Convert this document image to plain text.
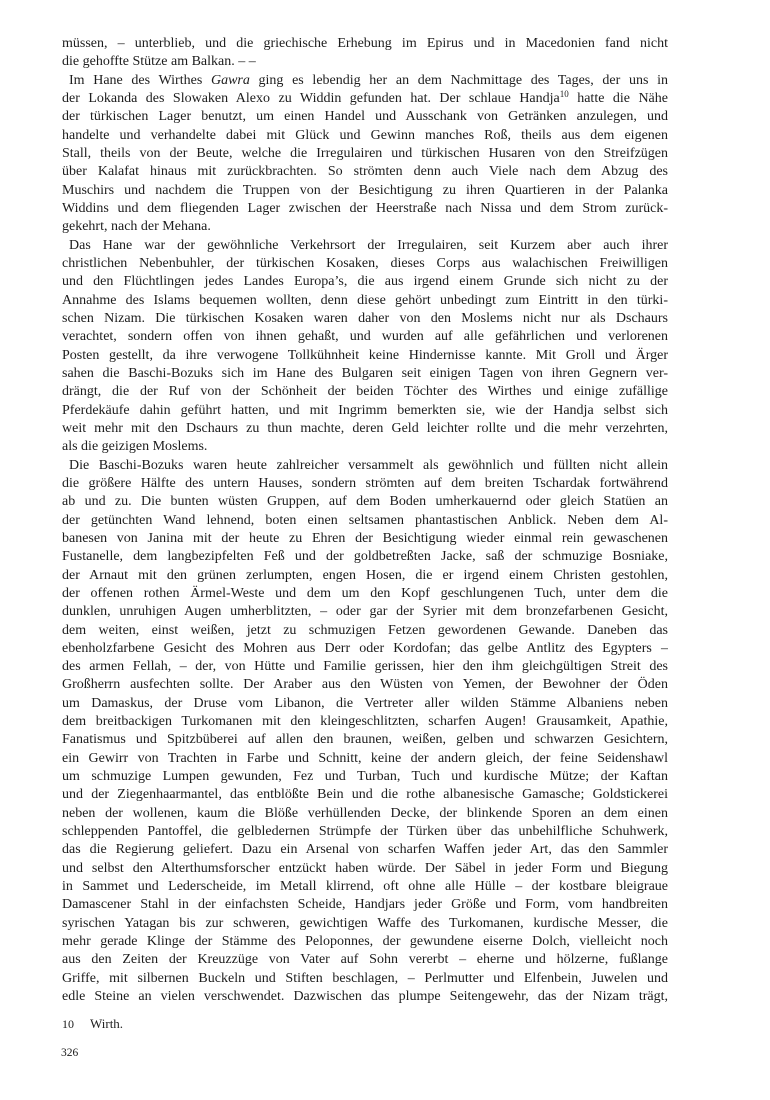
müssen, – unterblieb, und die griechische Erhebung im Epirus und in Macedonien fand nicht
die gehoffte Stütze am Balkan. – –
Im Hane des Wirthes Gawra ging es lebendig her an dem Nachmittage des Tages, der uns in
der Lokanda des Slowaken Alexo zu Widdin gefunden hat. Der schlaue Handja$^{10}$ hatte die Nähe
der türkischen Lager benutzt, um einen Handel und Ausschank von Getränken anzulegen, und
handelte und verhandelte dabei mit Glück und Gewinn manches Roß, theils aus dem eigenen
Stall, theils von der Beute, welche die Irregulairen und türkischen Husaren von den Streifzügen
über Kalafat hinaus mit zurückbrachten. So strömten denn auch Viele nach dem Abzug des
Muschirs und nachdem die Truppen von der Besichtigung zu ihren Quartieren in der Palanka
Widdins und dem fliegenden Lager zwischen der Heerstraße nach Nissa und dem Strom zurück-
gekehrt, nach der Mehana.
Das Hane war der gewöhnliche Verkehrsort der Irregulairen, seit Kurzem aber auch ihrer
christlichen Nebenbuhler, der türkischen Kosaken, dieses Corps aus walachischen Freiwilligen
und den Flüchtlingen jedes Landes Europa’s, die aus irgend einem Grunde sich nicht zu der
Annahme des Islams bequemen wollten, denn diese gehört unbedingt zum Eintritt in den türki-
schen Nizam. Die türkischen Kosaken waren daher von den Moslems nicht nur als Dschaurs
verachtet, sondern offen von ihnen gehaßt, und wurden auf alle gefährlichen und verlorenen
Posten gestellt, da ihre verwogene Tollkühnheit keine Hindernisse kannte. Mit Groll und Ärger
sahen die Baschi-Bozuks sich im Hane des Bulgaren seit einigen Tagen von ihren Gegnern ver-
drängt, die der Ruf von der Schönheit der beiden Töchter des Wirthes und einige zufällige
Pferdekäufe dahin geführt hatten, und mit Ingrimm bemerkten sie, wie der Handja selbst sich
weit mehr mit den Dschaurs zu thun machte, deren Geld leichter rollte und die mehr verzehrten,
als die geizigen Moslems.
Die Baschi-Bozuks waren heute zahlreicher versammelt als gewöhnlich und füllten nicht allein
die größere Hälfte des untern Hauses, sondern strömten auf dem breiten Tschardak fortwährend
ab und zu. Die bunten wüsten Gruppen, auf dem Boden umherkauernd oder gleich Statüen an
der getünchten Wand lehnend, boten einen seltsamen phantastischen Anblick. Neben dem Al-
banesen von Janina mit der heute zu Ehren der Besichtigung wieder einmal rein gewaschenen
Fustanelle, dem langbezipfelten Feß und der goldbetreßten Jacke, saß der schmuzige Bosniake,
der Arnaut mit den grünen zerlumpten, engen Hosen, die er irgend einem Christen gestohlen,
der offenen rothen Ärmel-Weste und dem um den Kopf geschlungenen Tuch, unter dem die
dunklen, unruhigen Augen umherblitzten, – oder gar der Syrier mit dem bronzefarbenen Gesicht,
dem weiten, einst weißen, jetzt zu schmuzigen Fetzen gewordenen Gewande. Daneben das
ebenholzfarbene Gesicht des Mohren aus Derr oder Kordofan; das gelbe Antlitz des Egypters –
des armen Fellah, – der, von Hütte und Familie gerissen, hier den ihm gleichgültigen Streit des
Großherrn ausfechten sollte. Der Araber aus den Wüsten von Yemen, der Bewohner der Öden
um Damaskus, der Druse vom Libanon, die Vertreter aller wilden Stämme Albaniens neben
dem breitbackigen Turkomanen mit den kleingeschlitzten, scharfen Augen! Grausamkeit, Apathie,
Fanatismus und Spitzbüberei auf allen den braunen, weißen, gelben und schwarzen Gesichtern,
ein Gewirr von Trachten in Farbe und Schnitt, keine der andern gleich, der feine Seidenshawl
um schmuzige Lumpen gewunden, Fez und Turban, Tuch und kurdische Mütze; der Kaftan
und der Ziegenhaarmantel, das entblößte Bein und die rothe albanesische Gamasche; Goldstickerei
neben der wollenen, kaum die Blöße verhüllenden Decke, der blinkende Sporen an dem einen
schleppenden Pantoffel, die gelbledernen Strümpfe der Türken über das unbehilfliche Schuhwerk,
das die Regierung geliefert. Dazu ein Arsenal von scharfen Waffen jeder Art, das den Sammler
und selbst den Alterthumsforscher entzückt haben würde. Der Säbel in jeder Form und Biegung
in Sammet und Lederscheide, im Metall klirrend, oft ohne alle Hülle – der kostbare bleigraue
Damascener Stahl in der einfachsten Scheide, Handjars jeder Größe und Form, vom handbreiten
syrischen Yatagan bis zur schweren, gewichtigen Waffe des Turkomanen, kurdische Messer, die
mehr gerade Klinge der Stämme des Peloponnes, der gewundene eiserne Dolch, vielleicht noch
aus den Zeiten der Kreuzzüge von Vater auf Sohn vererbt – eherne und hölzerne, fußlange
Griffe, mit silbernen Buckeln und Stiften beschlagen, – Perlmutter und Elfenbein, Juwelen und
edle Steine an vielen verschwendet. Dazwischen das plumpe Seitengewehr, das der Nizam trägt,
10 Wirth.
326
